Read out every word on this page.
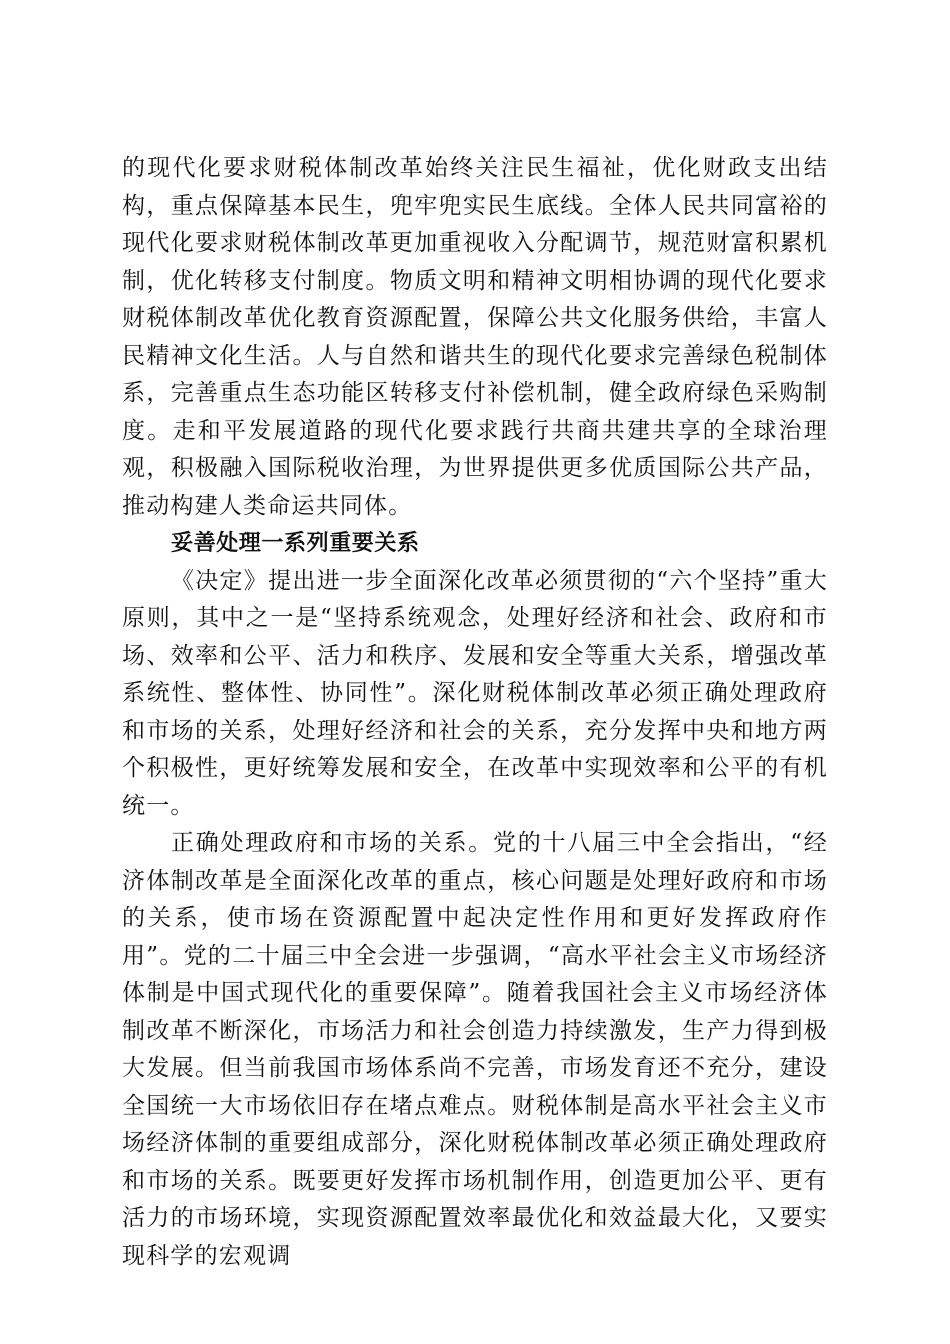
的现代化要求财税体制改革始终关注民生福祉，优化财政支出结构，重点保障基本民生，兜牢兜实民生底线。全体人民共同富裕的现代化要求财税体制改革更加重视收入分配调节，规范财富积累机制，优化转移支付制度。物质文明和精神文明相协调的现代化要求财税体制改革优化教育资源配置，保障公共文化服务供给，丰富人民精神文化生活。人与自然和谐共生的现代化要求完善绿色税制体系，完善重点生态功能区转移支付补偿机制，健全政府绿色采购制度。走和平发展道路的现代化要求践行共商共建共享的全球治理观，积极融入国际税收治理，为世界提供更多优质国际公共产品，推动构建人类命运共同体。

妥善处理一系列重要关系

《决定》提出进一步全面深化改革必须贯彻的“六个坚持”重大原则，其中之一是“坚持系统观念，处理好经济和社会、政府和市场、效率和公平、活力和秩序、发展和安全等重大关系，增强改革系统性、整体性、协同性”。深化财税体制改革必须正确处理政府和市场的关系，处理好经济和社会的关系，充分发挥中央和地方两个积极性，更好统筹发展和安全，在改革中实现效率和公平的有机统一。

正确处理政府和市场的关系。党的十八届三中全会指出，“经济体制改革是全面深化改革的重点，核心问题是处理好政府和市场的关系，使市场在资源配置中起决定性作用和更好发挥政府作用”。党的二十届三中全会进一步强调，“高水平社会主义市场经济体制是中国式现代化的重要保障”。随着我国社会主义市场经济体制改革不断深化，市场活力和社会创造力持续激发，生产力得到极大发展。但当前我国市场体系尚不完善，市场发育还不充分，建设全国统一大市场依旧存在堵点难点。财税体制是高水平社会主义市场经济体制的重要组成部分，深化财税体制改革必须正确处理政府和市场的关系。既要更好发挥市场机制作用，创造更加公平、更有活力的市场环境，实现资源配置效率最优化和效益最大化，又要实现科学的宏观调
